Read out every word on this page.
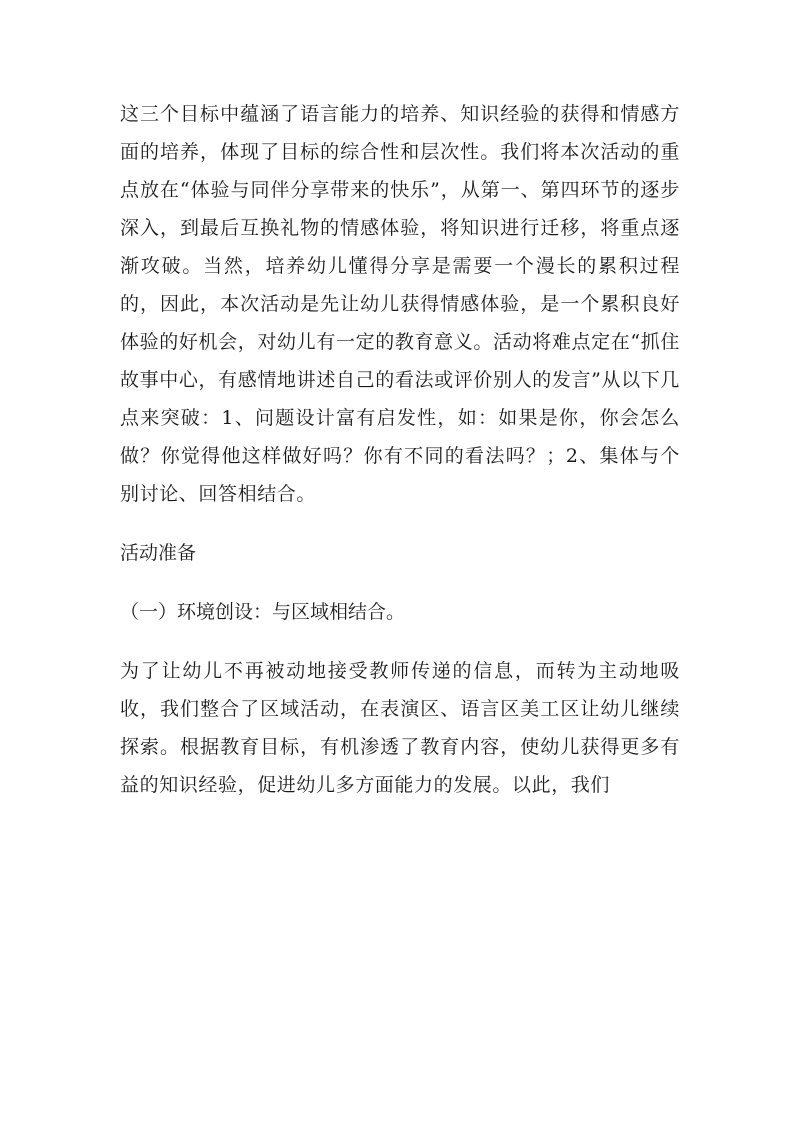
这三个目标中蕴涵了语言能力的培养、知识经验的获得和情感方面的培养，体现了目标的综合性和层次性。我们将本次活动的重点放在“体验与同伴分享带来的快乐”，从第一、第四环节的逐步深入，到最后互换礼物的情感体验，将知识进行迁移，将重点逐渐攻破。当然，培养幼儿懂得分享是需要一个漫长的累积过程的，因此，本次活动是先让幼儿获得情感体验，是一个累积良好体验的好机会，对幼儿有一定的教育意义。活动将难点定在“抓住故事中心，有感情地讲述自己的看法或评价别人的发言”从以下几点来突破：1、问题设计富有启发性，如：如果是你，你会怎么做？你觉得他这样做好吗？你有不同的看法吗？；2、集体与个别讨论、回答相结合。

活动准备

（一）环境创设：与区域相结合。

为了让幼儿不再被动地接受教师传递的信息，而转为主动地吸收，我们整合了区域活动，在表演区、语言区美工区让幼儿继续探索。根据教育目标，有机渗透了教育内容，使幼儿获得更多有益的知识经验，促进幼儿多方面能力的发展。以此，我们
